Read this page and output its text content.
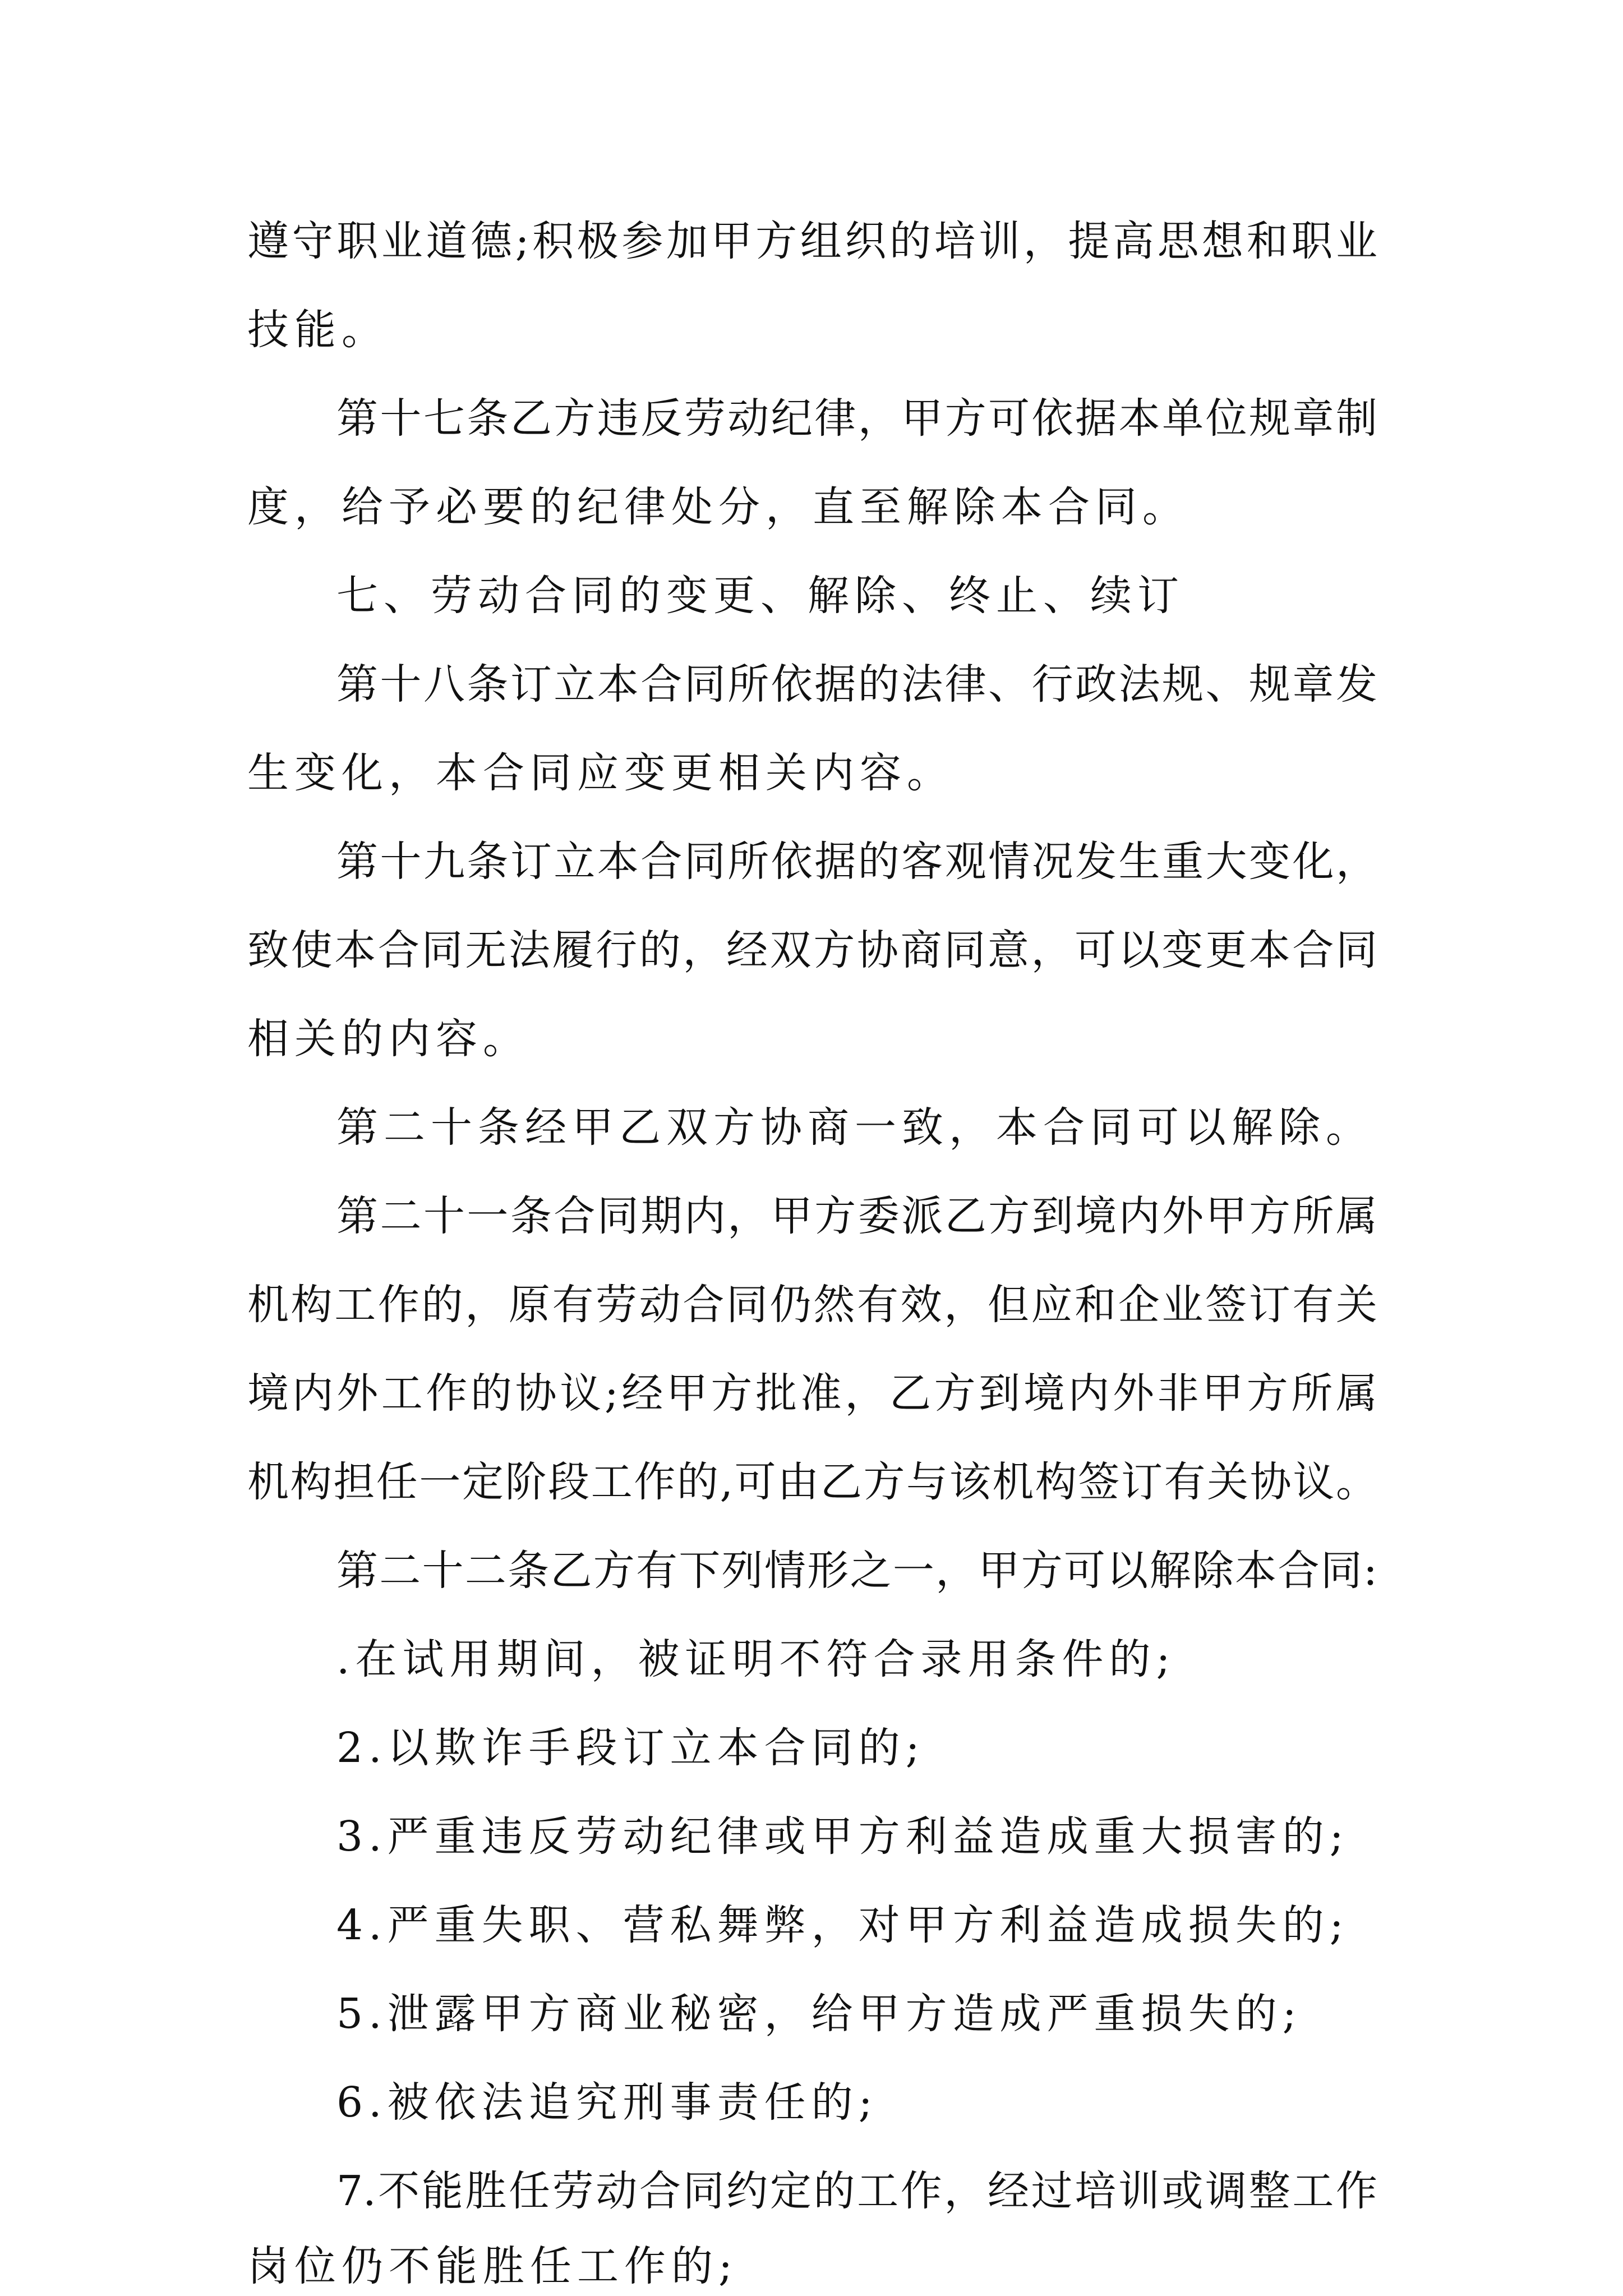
遵守职业道德;积极参加甲方组织的培训，提高思想和职业

技能。

第十七条乙方违反劳动纪律，甲方可依据本单位规章制

度，给予必要的纪律处分，直至解除本合同。

七、劳动合同的变更、解除、终止、续订

第十八条订立本合同所依据的法律、行政法规、规章发

生变化，本合同应变更相关内容。

第十九条订立本合同所依据的客观情况发生重大变化，

致使本合同无法履行的，经双方协商同意，可以变更本合同

相关的内容。

第二十条经甲乙双方协商一致，本合同可以解除。

第二十一条合同期内，甲方委派乙方到境内外甲方所属

机构工作的，原有劳动合同仍然有效，但应和企业签订有关

境内外工作的协议;经甲方批准，乙方到境内外非甲方所属

机构担任一定阶段工作的,可由乙方与该机构签订有关协议。

第二十二条乙方有下列情形之一，甲方可以解除本合同:

.在试用期间，被证明不符合录用条件的;

2.以欺诈手段订立本合同的;

3.严重违反劳动纪律或甲方利益造成重大损害的;

4.严重失职、营私舞弊，对甲方利益造成损失的;

5.泄露甲方商业秘密，给甲方造成严重损失的;

6.被依法追究刑事责任的;

7.不能胜任劳动合同约定的工作，经过培训或调整工作

岗位仍不能胜任工作的;
